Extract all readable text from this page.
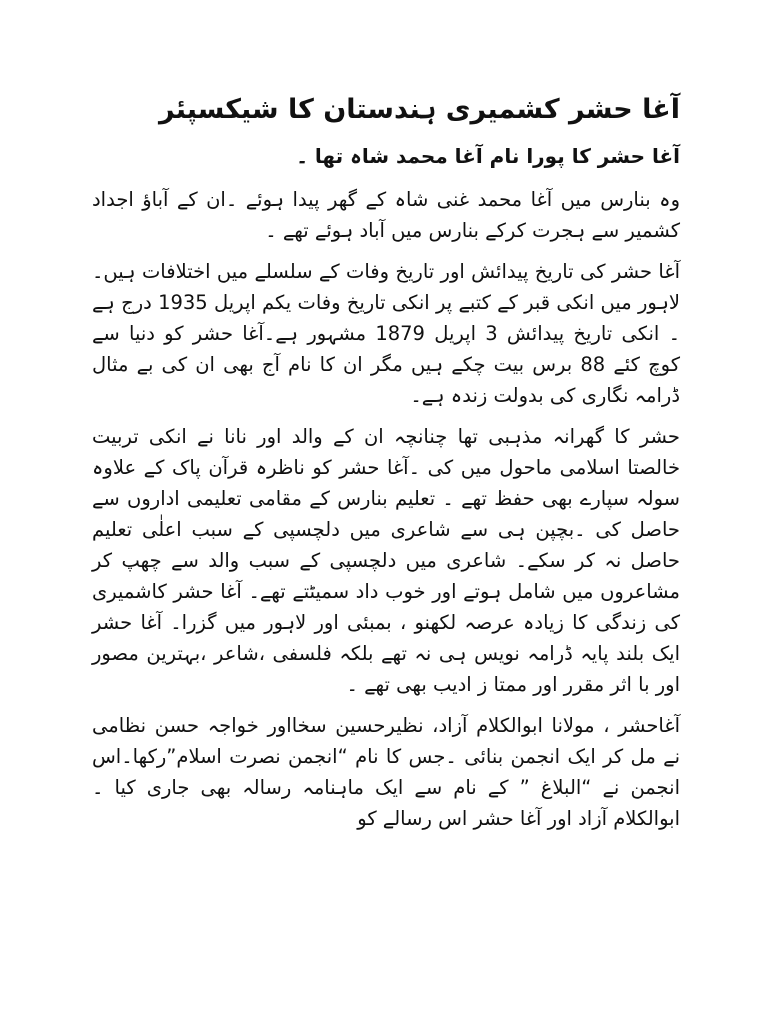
آغا حشر کشمیری ہندستان کا شیکسپئر
آغا حشر کا پورا نام آغا محمد شاہ تھا ۔

وہ بنارس میں آغا محمد غنی شاہ کے گھر پیدا ہوئے ۔ان کے آباؤ اجداد کشمیر سے ہجرت کرکے بنارس میں آباد ہوئے تھے ۔

آغا حشر کی تاریخ پیدائش اور تاریخ وفات کے سلسلے میں اختلافات ہیں۔لاہور میں انکی قبر کے کتبے پر انکی تاریخ وفات یکم اپریل 1935 درج ہے ۔ انکی تاریخ پیدائش 3 اپریل 1879 مشہور ہے۔آغا حشر کو دنیا سے کوچ کئے 88 برس بیت چکے ہیں مگر ان کا نام آج بھی ان کی بے مثال ڈرامہ نگاری کی بدولت زندہ ہے۔

حشر کا گھرانہ مذہبی تھا چنانچہ ان کے والد اور نانا نے انکی تربیت خالصتا اسلامی ماحول میں کی ۔آغا حشر کو ناظرہ قرآن پاک کے علاوہ سولہ سپارے بھی حفظ تھے ۔ تعلیم بنارس کے مقامی تعلیمی اداروں سے حاصل کی ۔بچپن ہی سے شاعری میں دلچسپی کے سبب اعلٰی تعلیم حاصل نہ کر سکے۔ شاعری میں دلچسپی کے سبب والد سے چھپ کر مشاعروں میں شامل ہوتے اور خوب داد سمیٹتے تھے۔ آغا حشر کاشمیری کی زندگی کا زیادہ عرصہ لکھنو ، بمبئی اور لاہور میں گزرا۔ آغا حشر ایک بلند پایہ ڈرامہ نویس ہی نہ تھے بلکہ فلسفی ،شاعر ،بہترین مصور اور با اثر مقرر اور ممتا ز ادیب بھی تھے ۔

آغاحشر ، مولانا ابوالکلام آزاد، نظیرحسین سخااور خواجہ حسن نظامی نے مل کر ایک انجمن بنائی ۔جس کا نام “انجمن نصرت اسلام”رکھا۔اس انجمن نے “البلاغ ” کے نام سے ایک ماہنامہ رسالہ بھی جاری کیا ۔ابوالکلام آزاد اور آغا حشر اس رسالے کو
